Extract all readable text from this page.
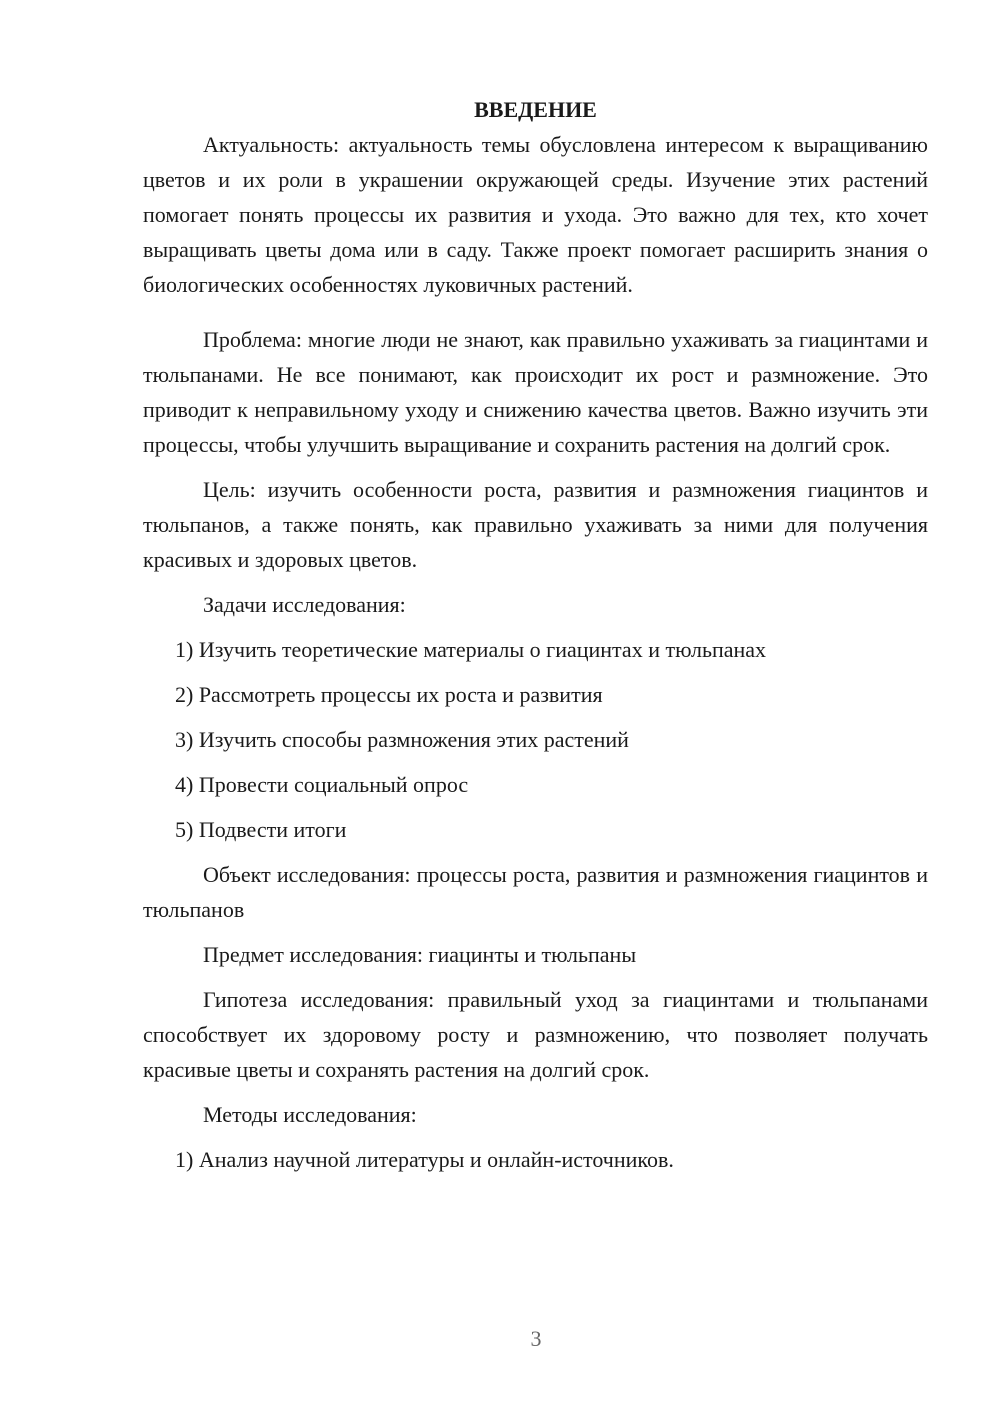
ВВЕДЕНИЕ

Актуальность: актуальность темы обусловлена интересом к выращиванию цветов и их роли в украшении окружающей среды. Изучение этих растений помогает понять процессы их развития и ухода. Это важно для тех, кто хочет выращивать цветы дома или в саду. Также проект помогает расширить знания о биологических особенностях луковичных растений.

Проблема: многие люди не знают, как правильно ухаживать за гиацинтами и тюльпанами. Не все понимают, как происходит их рост и размножение. Это приводит к неправильному уходу и снижению качества цветов. Важно изучить эти процессы, чтобы улучшить выращивание и сохранить растения на долгий срок.

Цель: изучить особенности роста, развития и размножения гиацинтов и тюльпанов, а также понять, как правильно ухаживать за ними для получения красивых и здоровых цветов.

Задачи исследования:

1) Изучить теоретические материалы о гиацинтах и тюльпанах

2) Рассмотреть процессы их роста и развития

3) Изучить способы размножения этих растений

4) Провести социальный опрос

5) Подвести итоги

Объект исследования: процессы роста, развития и размножения гиацинтов и тюльпанов

Предмет исследования: гиацинты и тюльпаны

Гипотеза исследования: правильный уход за гиацинтами и тюльпанами способствует их здоровому росту и размножению, что позволяет получать красивые цветы и сохранять растения на долгий срок.

Методы исследования:

1) Анализ научной литературы и онлайн-источников.

3
